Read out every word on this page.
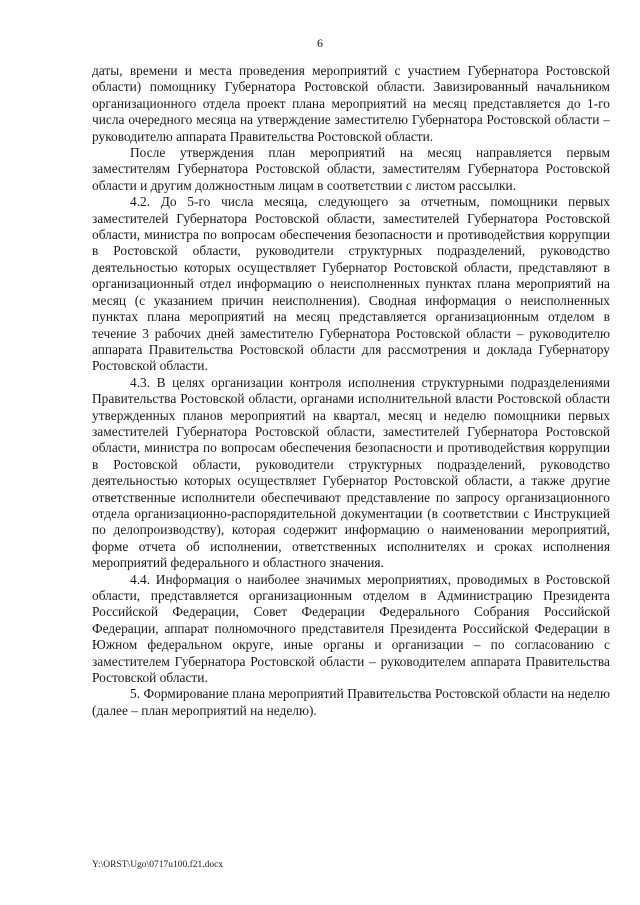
6

даты, времени и места проведения мероприятий с участием Губернатора Ростовской области) помощнику Губернатора Ростовской области. Завизированный начальником организационного отдела проект плана мероприятий на месяц представляется до 1-го числа очередного месяца на утверждение заместителю Губернатора Ростовской области – руководителю аппарата Правительства Ростовской области.

После утверждения план мероприятий на месяц направляется первым заместителям Губернатора Ростовской области, заместителям Губернатора Ростовской области и другим должностным лицам в соответствии с листом рассылки.

4.2. До 5-го числа месяца, следующего за отчетным, помощники первых заместителей Губернатора Ростовской области, заместителей Губернатора Ростовской области, министра по вопросам обеспечения безопасности и противодействия коррупции в Ростовской области, руководители структурных подразделений, руководство деятельностью которых осуществляет Губернатор Ростовской области, представляют в организационный отдел информацию о неисполненных пунктах плана мероприятий на месяц (с указанием причин неисполнения). Сводная информация о неисполненных пунктах плана мероприятий на месяц представляется организационным отделом в течение 3 рабочих дней заместителю Губернатора Ростовской области – руководителю аппарата Правительства Ростовской области для рассмотрения и доклада Губернатору Ростовской области.

4.3. В целях организации контроля исполнения структурными подразделениями Правительства Ростовской области, органами исполнительной власти Ростовской области утвержденных планов мероприятий на квартал, месяц и неделю помощники первых заместителей Губернатора Ростовской области, заместителей Губернатора Ростовской области, министра по вопросам обеспечения безопасности и противодействия коррупции в Ростовской области, руководители структурных подразделений, руководство деятельностью которых осуществляет Губернатор Ростовской области, а также другие ответственные исполнители обеспечивают представление по запросу организационного отдела организационно-распорядительной документации (в соответствии с Инструкцией по делопроизводству), которая содержит информацию о наименовании мероприятий, форме отчета об исполнении, ответственных исполнителях и сроках исполнения мероприятий федерального и областного значения.

4.4. Информация о наиболее значимых мероприятиях, проводимых в Ростовской области, представляется организационным отделом в Администрацию Президента Российской Федерации, Совет Федерации Федерального Собрания Российской Федерации, аппарат полномочного представителя Президента Российской Федерации в Южном федеральном округе, иные органы и организации – по согласованию с заместителем Губернатора Ростовской области – руководителем аппарата Правительства Ростовской области.

5. Формирование плана мероприятий Правительства Ростовской области на неделю (далее – план мероприятий на неделю).

Y:\ORST\Ugo\0717u100.f21.docx
